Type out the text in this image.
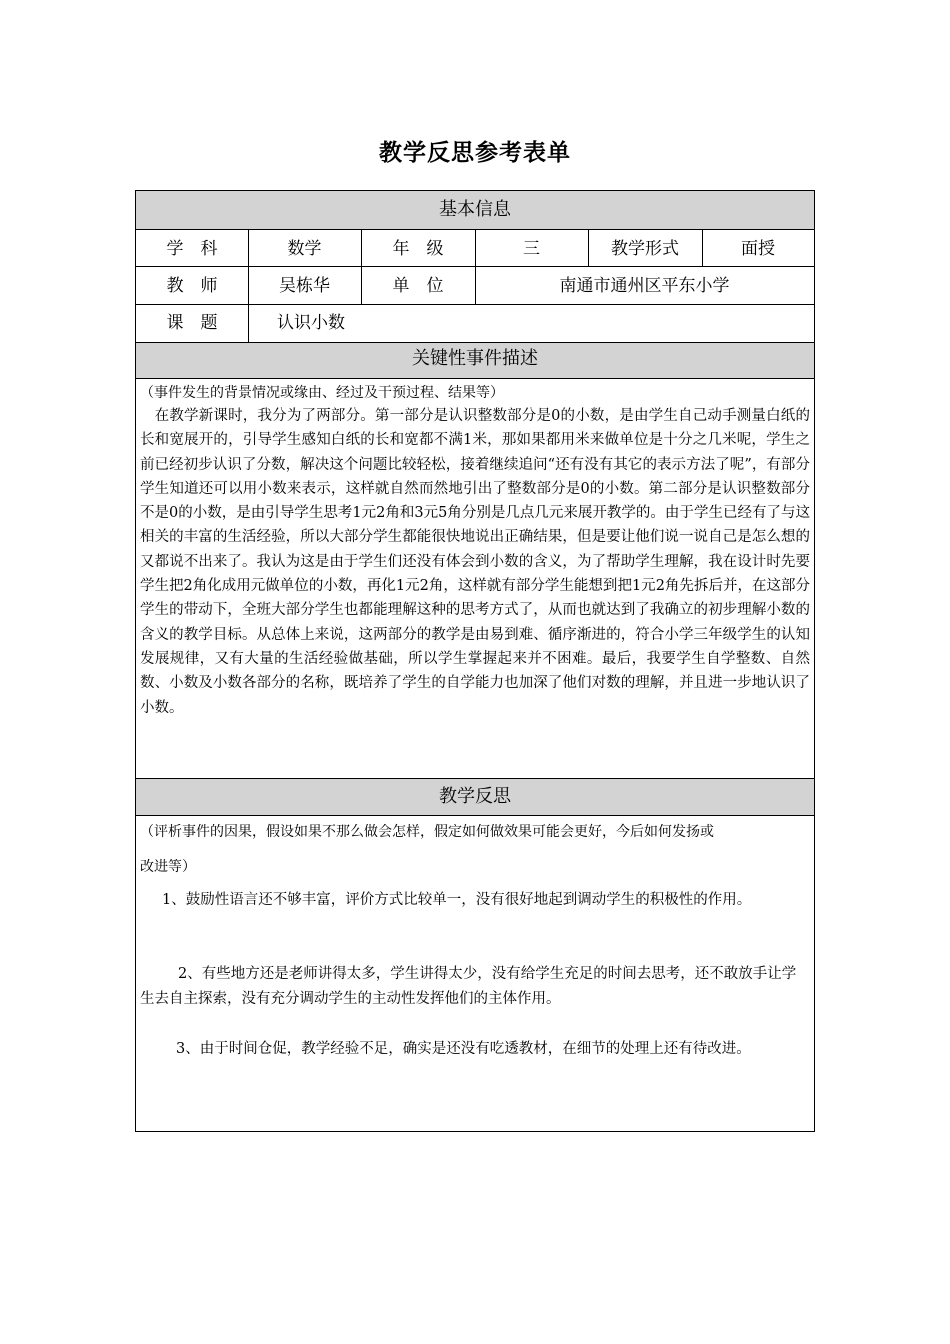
教学反思参考表单
基本信息
关键性事件描述
教学反思
学　科	数学	年　级	三	教学形式	面授
教　师	吴栋华	单　位	南通市通州区平东小学
课　题	认识小数
（事件发生的背景情况或缘由、经过及干预过程、结果等）
　在教学新课时，我分为了两部分。第一部分是认识整数部分是0的小数，是由学生自己动手测量白纸的长和宽展开的，引导学生感知白纸的长和宽都不满1米，那如果都用米来做单位是十分之几米呢，学生之前已经初步认识了分数，解决这个问题比较轻松，接着继续追问“还有没有其它的表示方法了呢”，有部分学生知道还可以用小数来表示，这样就自然而然地引出了整数部分是0的小数。第二部分是认识整数部分不是0的小数，是由引导学生思考1元2角和3元5角分别是几点几元来展开教学的。由于学生已经有了与这相关的丰富的生活经验，所以大部分学生都能很快地说出正确结果，但是要让他们说一说自己是怎么想的又都说不出来了。我认为这是由于学生们还没有体会到小数的含义，为了帮助学生理解，我在设计时先要学生把2角化成用元做单位的小数，再化1元2角，这样就有部分学生能想到把1元2角先拆后并，在这部分学生的带动下，全班大部分学生也都能理解这种的思考方式了，从而也就达到了我确立的初步理解小数的含义的教学目标。从总体上来说，这两部分的教学是由易到难、循序渐进的，符合小学三年级学生的认知发展规律，又有大量的生活经验做基础，所以学生掌握起来并不困难。最后，我要学生自学整数、自然数、小数及小数各部分的名称，既培养了学生的自学能力也加深了他们对数的理解，并且进一步地认识了小数。
（评析事件的因果，假设如果不那么做会怎样，假定如何做效果可能会更好，今后如何发扬或
改进等）
1、鼓励性语言还不够丰富，评价方式比较单一，没有很好地起到调动学生的积极性的作用。
2、有些地方还是老师讲得太多，学生讲得太少，没有给学生充足的时间去思考，还不敢放手让学生去自主探索，没有充分调动学生的主动性发挥他们的主体作用。
3、由于时间仓促，教学经验不足，确实是还没有吃透教材，在细节的处理上还有待改进。
